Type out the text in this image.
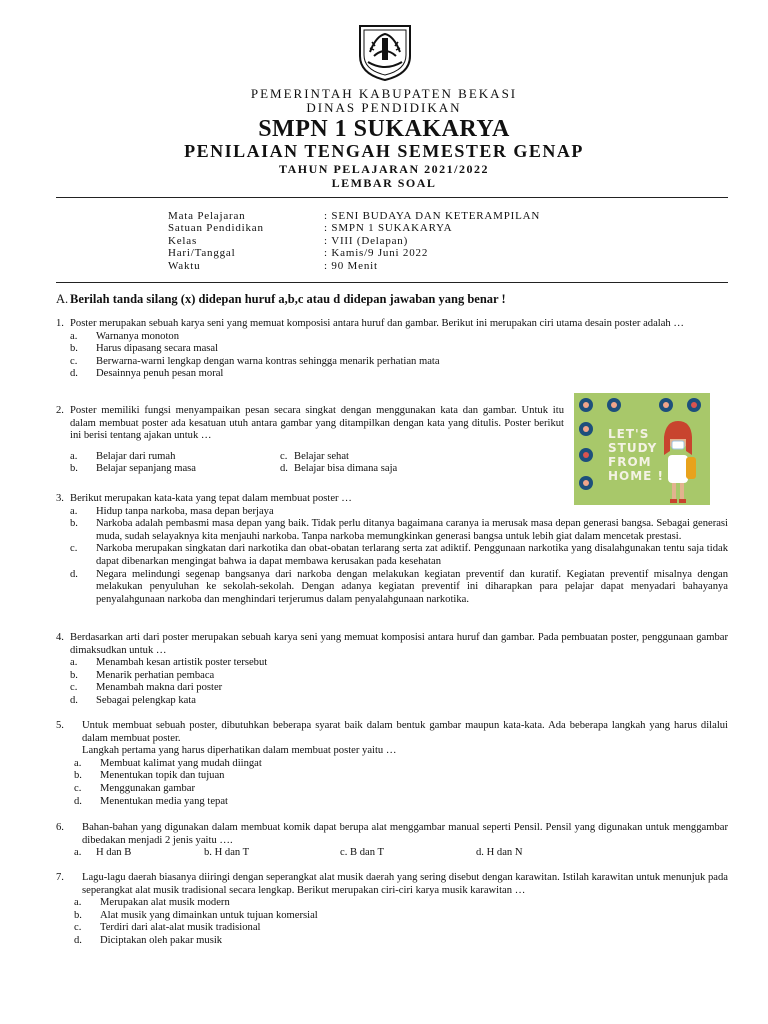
PEMERINTAH KABUPATEN BEKASI
DINAS PENDIDIKAN
SMPN 1 SUKAKARYA
PENILAIAN TENGAH SEMESTER GENAP
TAHUN PELAJARAN 2021/2022
LEMBAR SOAL
Mata Pelajaran	: SENI BUDAYA DAN KETERAMPILAN
Satuan Pendidikan	: SMPN 1 SUKAKARYA
Kelas	: VIII (Delapan)
Hari/Tanggal	: Kamis/9 Juni 2022
Waktu	: 90 Menit
A. Berilah tanda silang (x) didepan huruf a,b,c atau d didepan jawaban yang benar !
1. Poster merupakan sebuah karya seni yang memuat komposisi antara huruf dan gambar. Berikut ini merupakan ciri utama desain poster adalah …
a.	Warnanya monoton
b.	Harus dipasang secara masal
c.	Berwarna-warni lengkap dengan warna kontras sehingga menarik perhatian mata
d.	Desainnya penuh pesan moral
2. Poster memiliki fungsi menyampaikan pesan secara singkat dengan menggunakan kata dan gambar. Untuk itu dalam membuat poster ada kesatuan utuh antara gambar yang ditampilkan dengan kata yang ditulis. Poster berikut ini berisi tentang ajakan untuk …
a.	Belajar dari rumah	c. Belajar sehat
b.	Belajar sepanjang masa	d. Belajar bisa dimana saja
LET'S
STUDY
FROM
HOME !
3. Berikut merupakan kata-kata yang tepat dalam membuat poster …
a.	Hidup tanpa narkoba, masa depan berjaya
b.	Narkoba adalah pembasmi masa depan yang baik. Tidak perlu ditanya bagaimana caranya ia merusak masa depan generasi bangsa. Sebagai generasi muda, sudah selayaknya kita menjauhi narkoba. Tanpa narkoba memungkinkan generasi bangsa untuk lebih giat dalam mencetak prestasi.
c.	Narkoba merupakan singkatan dari narkotika dan obat-obatan terlarang serta zat adiktif. Penggunaan narkotika yang disalahgunakan tentu saja tidak dapat dibenarkan mengingat bahwa ia dapat membawa kerusakan pada kesehatan
d.	Negara melindungi segenap bangsanya dari narkoba dengan melakukan kegiatan preventif dan kuratif. Kegiatan preventif misalnya dengan melakukan penyuluhan ke sekolah-sekolah. Dengan adanya kegiatan preventif ini diharapkan para pelajar dapat menyadari bahayanya penyalahgunaan narkoba dan menghindari terjerumus dalam penyalahgunaan narkotika.
4. Berdasarkan arti dari poster merupakan sebuah karya seni yang memuat komposisi antara huruf dan gambar. Pada pembuatan poster, penggunaan gambar dimaksudkan untuk …
a.	Menambah kesan artistik poster tersebut
b.	Menarik perhatian pembaca
c.	Menambah makna dari poster
d.	Sebagai pelengkap kata
5. Untuk membuat sebuah poster, dibutuhkan beberapa syarat baik dalam bentuk gambar maupun kata-kata. Ada beberapa langkah yang harus dilalui dalam membuat poster.
Langkah pertama yang harus diperhatikan dalam membuat poster yaitu …
a.	Membuat kalimat yang mudah diingat
b.	Menentukan topik dan tujuan
c.	Menggunakan gambar
d.	Menentukan media yang tepat
6. Bahan-bahan yang digunakan dalam membuat komik dapat berupa alat menggambar manual seperti Pensil. Pensil yang digunakan untuk menggambar dibedakan menjadi 2 jenis yaitu ….
a. H dan B	b. H dan T	c. B dan T	d. H dan N
7. Lagu-lagu daerah biasanya diiringi dengan seperangkat alat musik daerah yang sering disebut dengan karawitan. Istilah karawitan untuk menunjuk pada seperangkat alat musik tradisional secara lengkap. Berikut merupakan ciri-ciri karya musik karawitan …
a.	Merupakan alat musik modern
b.	Alat musik yang dimainkan untuk tujuan komersial
c.	Terdiri dari alat-alat musik tradisional
d.	Diciptakan oleh pakar musik
